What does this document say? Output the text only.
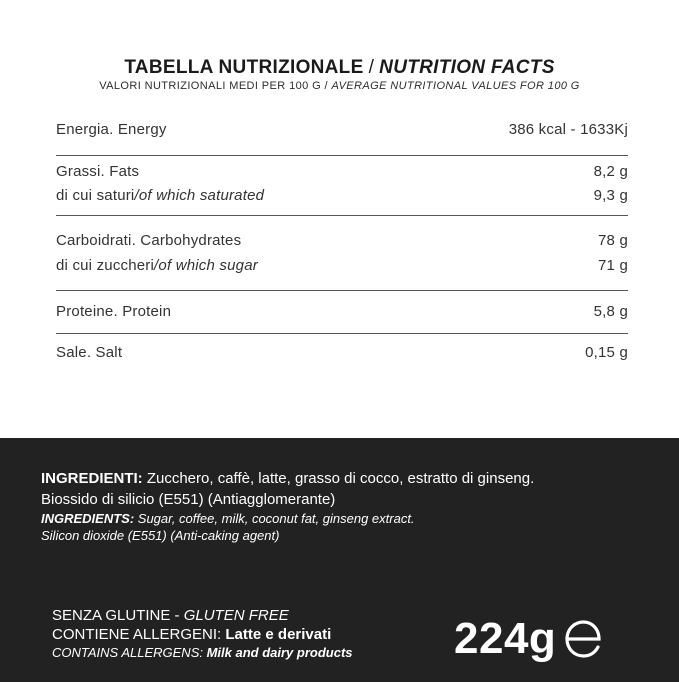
TABELLA NUTRIZIONALE / NUTRITION FACTS
VALORI NUTRIZIONALI MEDI PER 100 G / AVERAGE NUTRITIONAL VALUES FOR 100 G
Energia. Energy	386 kcal - 1633Kj
Grassi. Fats	8,2 g
di cui saturi/of which saturated	9,3 g
Carboidrati. Carbohydrates	78 g
di cui zuccheri/of which sugar	71 g
Proteine. Protein	5,8 g
Sale. Salt	0,15 g
INGREDIENTI: Zucchero, caffè, latte, grasso di cocco, estratto di ginseng.
Biossido di silicio (E551) (Antiagglomerante)
INGREDIENTS: Sugar, coffee, milk, coconut fat, ginseng extract.
Silicon dioxide (E551) (Anti-caking agent)
SENZA GLUTINE - GLUTEN FREE
CONTIENE ALLERGENI: Latte e derivati
CONTAINS ALLERGENS: Milk and dairy products 224g
